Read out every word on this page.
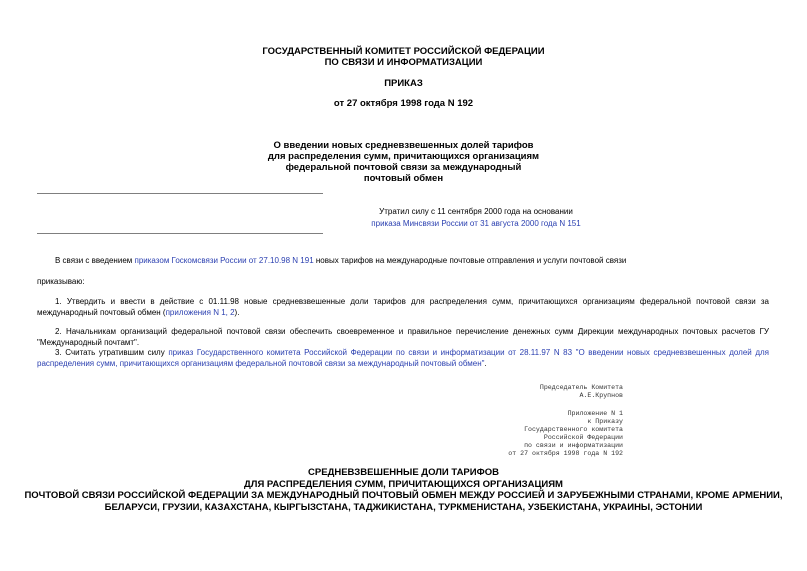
ГОСУДАРСТВЕННЫЙ КОМИТЕТ РОССИЙСКОЙ ФЕДЕРАЦИИ
ПО СВЯЗИ И ИНФОРМАТИЗАЦИИ
ПРИКАЗ
от 27 октября 1998 года N 192
О введении новых средневзвешенных долей тарифов
для распределения сумм, причитающихся организациям
федеральной почтовой связи за международный
почтовый обмен
Утратил силу с 11 сентября 2000 года на основании
приказа Минсвязи России от 31 августа 2000 года N 151
В связи с введением приказом Госкомсвязи России от 27.10.98 N 191 новых тарифов на международные почтовые отправления и услуги почтовой связи
приказываю:
1. Утвердить и ввести в действие с 01.11.98 новые средневзвешенные доли тарифов для распределения сумм, причитающихся организациям федеральной почтовой связи за международный почтовый обмен (приложения N 1, 2).
2. Начальникам организаций федеральной почтовой связи обеспечить своевременное и правильное перечисление денежных сумм Дирекции международных почтовых расчетов ГУ "Международный почтамт".
3. Считать утратившим силу приказ Государственного комитета Российской Федерации по связи и информатизации от 28.11.97 N 83 "О введении новых средневзвешенных долей для распределения сумм, причитающихся организациям федеральной почтовой связи за международный почтовый обмен".
Председатель Комитета
А.Е.Крупнов
Приложение N 1
к Приказу
Государственного комитета
Российской Федерации
по связи и информатизации
от 27 октября 1998 года N 192
СРЕДНЕВЗВЕШЕННЫЕ ДОЛИ ТАРИФОВ
ДЛЯ РАСПРЕДЕЛЕНИЯ СУММ, ПРИЧИТАЮЩИХСЯ ОРГАНИЗАЦИЯМ
ПОЧТОВОЙ СВЯЗИ РОССИЙСКОЙ ФЕДЕРАЦИИ ЗА МЕЖДУНАРОДНЫЙ ПОЧТОВЫЙ ОБМЕН МЕЖДУ РОССИЕЙ И ЗАРУБЕЖНЫМИ СТРАНАМИ, КРОМЕ АРМЕНИИ,
БЕЛАРУСИ, ГРУЗИИ, КАЗАХСТАНА, КЫРГЫЗСТАНА, ТАДЖИКИСТАНА, ТУРКМЕНИСТАНА, УЗБЕКИСТАНА, УКРАИНЫ, ЭСТОНИИ
